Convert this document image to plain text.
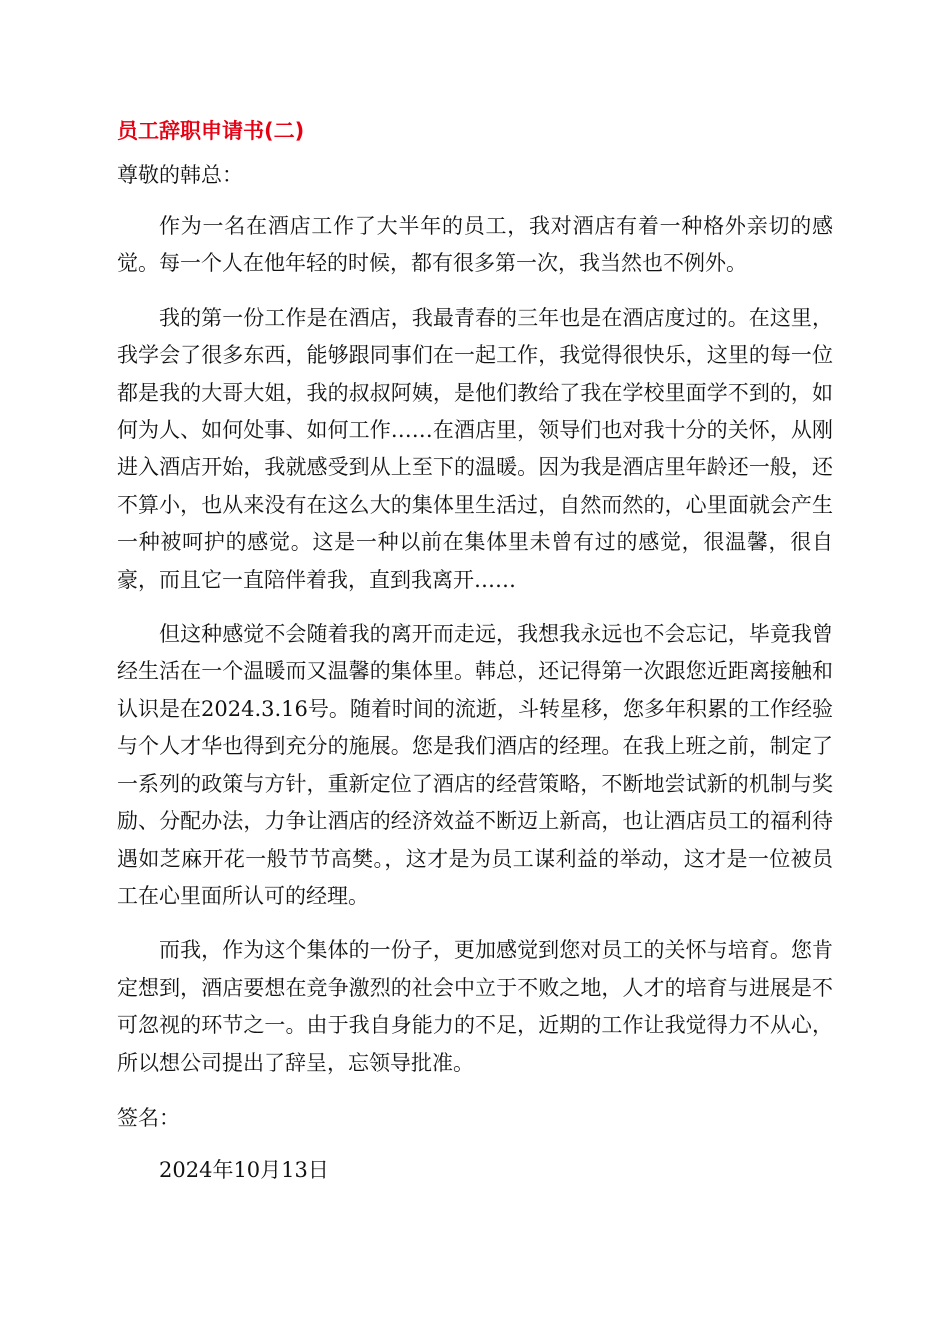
员工辞职申请书(二)
尊敬的韩总：

作为一名在酒店工作了大半年的员工，我对酒店有着一种格外亲切的感觉。每一个人在他年轻的时候，都有很多第一次，我当然也不例外。

我的第一份工作是在酒店，我最青春的三年也是在酒店度过的。在这里，我学会了很多东西，能够跟同事们在一起工作，我觉得很快乐，这里的每一位都是我的大哥大姐，我的叔叔阿姨，是他们教给了我在学校里面学不到的，如何为人、如何处事、如何工作……在酒店里，领导们也对我十分的关怀，从刚进入酒店开始，我就感受到从上至下的温暖。因为我是酒店里年龄还一般，还不算小，也从来没有在这么大的集体里生活过，自然而然的，心里面就会产生一种被呵护的感觉。这是一种以前在集体里未曾有过的感觉，很温馨，很自豪，而且它一直陪伴着我，直到我离开……

但这种感觉不会随着我的离开而走远，我想我永远也不会忘记，毕竟我曾经生活在一个温暖而又温馨的集体里。韩总，还记得第一次跟您近距离接触和认识是在2024.3.16号。随着时间的流逝，斗转星移，您多年积累的工作经验与个人才华也得到充分的施展。您是我们酒店的经理。在我上班之前，制定了一系列的政策与方针，重新定位了酒店的经营策略，不断地尝试新的机制与奖励、分配办法，力争让酒店的经济效益不断迈上新高，也让酒店员工的福利待遇如芝麻开花一般节节高樊。，这才是为员工谋利益的举动，这才是一位被员工在心里面所认可的经理。

而我，作为这个集体的一份子，更加感觉到您对员工的关怀与培育。您肯定想到，酒店要想在竞争激烈的社会中立于不败之地，人才的培育与进展是不可忽视的环节之一。由于我自身能力的不足，近期的工作让我觉得力不从心，所以想公司提出了辞呈，忘领导批准。

签名：
2024年10月13日
